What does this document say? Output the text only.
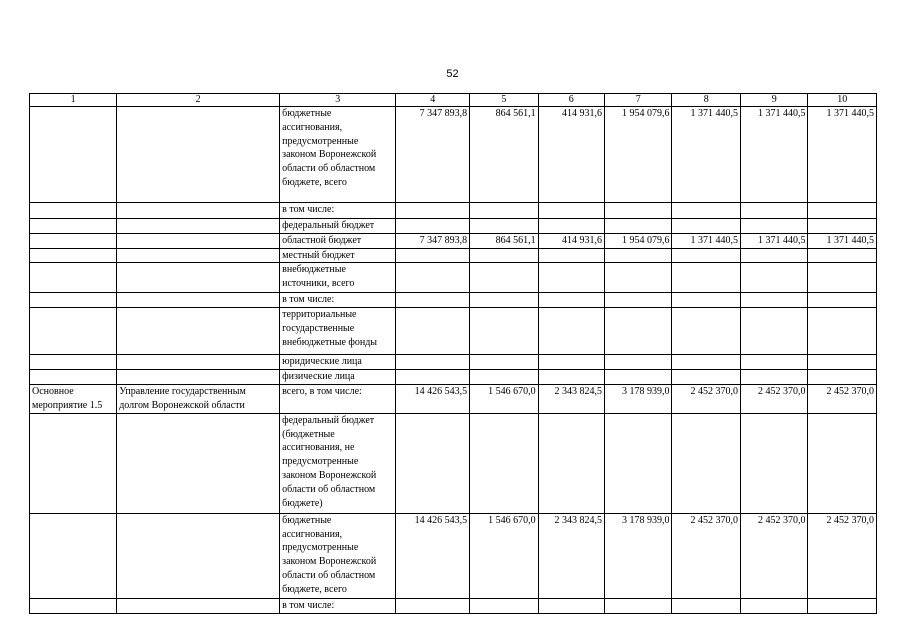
52
1	2	3	4	5	6	7	8	9	10
		бюджетные ассигнования, предусмотренные законом Воронежской области об областном бюджете, всего	7 347 893,8	864 561,1	414 931,6	1 954 079,6	1 371 440,5	1 371 440,5	1 371 440,5
		в том числе:							
		федеральный бюджет							
		областной бюджет	7 347 893,8	864 561,1	414 931,6	1 954 079,6	1 371 440,5	1 371 440,5	1 371 440,5
		местный бюджет							
		внебюджетные источники, всего							
		в том числе:							
		территориальные государственные внебюджетные фонды							
		юридические лица							
		физические лица							
Основное мероприятие 1.5	Управление государственным долгом Воронежской области	всего, в том числе:	14 426 543,5	1 546 670,0	2 343 824,5	3 178 939,0	2 452 370,0	2 452 370,0	2 452 370,0
		федеральный бюджет (бюджетные ассигнования, не предусмотренные законом Воронежской области об областном бюджете)							
		бюджетные ассигнования, предусмотренные законом Воронежской области об областном бюджете, всего	14 426 543,5	1 546 670,0	2 343 824,5	3 178 939,0	2 452 370,0	2 452 370,0	2 452 370,0
		в том числе:							
